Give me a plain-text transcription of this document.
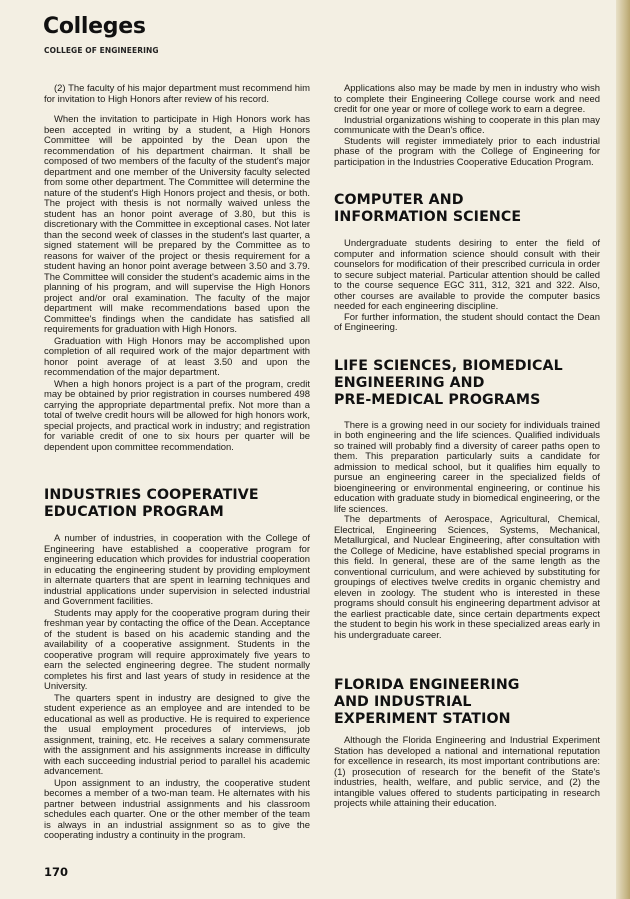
Colleges
COLLEGE OF ENGINEERING

(2) The faculty of his major department must recommend him for invitation to High Honors after review of his record.

When the invitation to participate in High Honors work has been accepted in writing by a student, a High Honors Committee will be appointed by the Dean upon the recommendation of his department chairman. It shall be composed of two members of the faculty of the student's major department and one member of the University faculty selected from some other department. The Committee will determine the nature of the student's High Honors project and thesis, or both. The project with thesis is not normally waived unless the student has an honor point average of 3.80, but this is discretionary with the Committee in exceptional cases. Not later than the second week of classes in the student's last quarter, a signed statement will be prepared by the Committee as to reasons for waiver of the project or thesis requirement for a student having an honor point average between 3.50 and 3.79. The Committee will consider the student's academic aims in the planning of his program, and will supervise the High Honors project and/or oral examination. The faculty of the major department will make recommendations based upon the Committee's findings when the candidate has satisfied all requirements for graduation with High Honors.

Graduation with High Honors may be accomplished upon completion of all required work of the major department with honor point average of at least 3.50 and upon the recommendation of the major department.

When a high honors project is a part of the program, credit may be obtained by prior registration in courses numbered 498 carrying the appropriate departmental prefix. Not more than a total of twelve credit hours will be allowed for high honors work, special projects, and practical work in industry; and registration for variable credit of one to six hours per quarter will be dependent upon committee recommendation.

INDUSTRIES COOPERATIVE
EDUCATION PROGRAM

A number of industries, in cooperation with the College of Engineering have established a cooperative program for engineering education which provides for industrial cooperation in educating the engineering student by providing employment in alternate quarters that are spent in learning techniques and industrial applications under supervision in selected industrial and Government facilities.

Students may apply for the cooperative program during their freshman year by contacting the office of the Dean. Acceptance of the student is based on his academic standing and the availability of a cooperative assignment. Students in the cooperative program will require approximately five years to earn the selected engineering degree. The student normally completes his first and last years of study in residence at the University.

The quarters spent in industry are designed to give the student experience as an employee and are intended to be educational as well as productive. He is required to experience the usual employment procedures of interviews, job assignment, training, etc. He receives a salary commensurate with the assignment and his assignments increase in difficulty with each succeeding industrial period to parallel his academic advancement.

Upon assignment to an industry, the cooperative student becomes a member of a two-man team. He alternates with his partner between industrial assignments and his classroom schedules each quarter. One or the other member of the team is always in an industrial assignment so as to give the cooperating industry a continuity in the program.

Applications also may be made by men in industry who wish to complete their Engineering College course work and need credit for one year or more of college work to earn a degree.

Industrial organizations wishing to cooperate in this plan may communicate with the Dean's office.

Students will register immediately prior to each industrial phase of the program with the College of Engineering for participation in the Industries Cooperative Education Program.

COMPUTER AND
INFORMATION SCIENCE

Undergraduate students desiring to enter the field of computer and information science should consult with their counselors for modification of their prescribed curricula in order to secure subject material. Particular attention should be called to the course sequence EGC 311, 312, 321 and 322. Also, other courses are available to provide the computer basics needed for each engineering discipline.

For further information, the student should contact the Dean of Engineering.

LIFE SCIENCES, BIOMEDICAL
ENGINEERING AND
PRE-MEDICAL PROGRAMS

There is a growing need in our society for individuals trained in both engineering and the life sciences. Qualified individuals so trained will probably find a diversity of career paths open to them. This preparation particularly suits a candidate for admission to medical school, but it qualifies him equally to pursue an engineering career in the specialized fields of bioengineering or environmental engineering, or continue his education with graduate study in biomedical engineering, or the life sciences.

The departments of Aerospace, Agricultural, Chemical, Electrical, Engineering Sciences, Systems, Mechanical, Metallurgical, and Nuclear Engineering, after consultation with the College of Medicine, have established special programs in this field. In general, these are of the same length as the conventional curriculum, and were achieved by substituting for groupings of electives twelve credits in organic chemistry and eleven in zoology. The student who is interested in these programs should consult his engineering department advisor at the earliest practicable date, since certain departments expect the student to begin his work in these specialized areas early in his undergraduate career.

FLORIDA ENGINEERING
AND INDUSTRIAL
EXPERIMENT STATION

Although the Florida Engineering and Industrial Experiment Station has developed a national and international reputation for excellence in research, its most important contributions are: (1) prosecution of research for the benefit of the State's industries, health, welfare, and public service, and (2) the intangible values offered to students participating in research projects while attaining their education.

170
